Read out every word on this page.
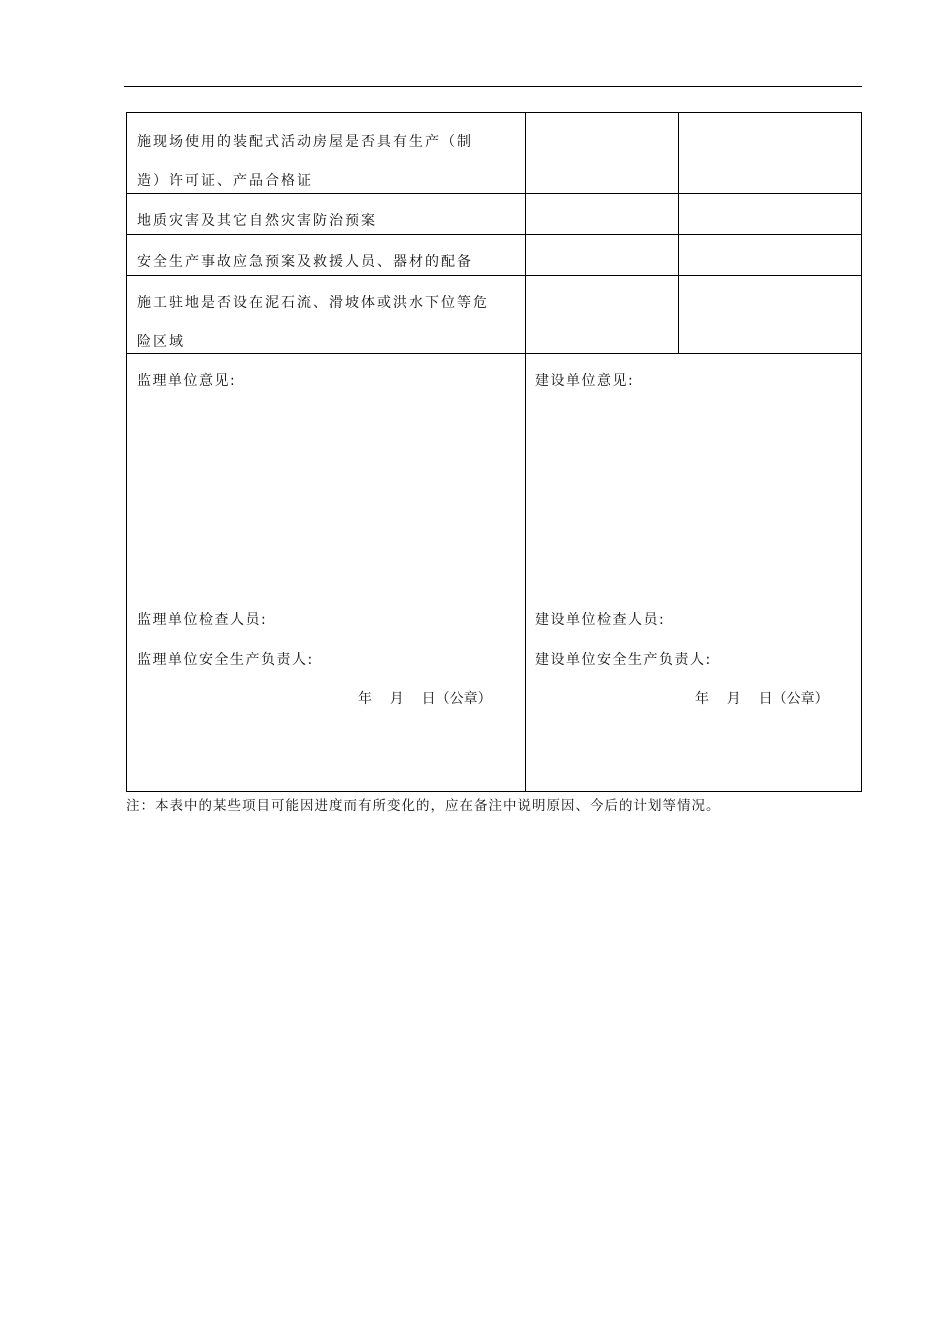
施现场使用的装配式活动房屋是否具有生产（制
造）许可证、产品合格证
地质灾害及其它自然灾害防治预案
安全生产事故应急预案及救援人员、器材的配备
施工驻地是否设在泥石流、滑坡体或洪水下位等危
险区域
监理单位意见:
监理单位检查人员:
监理单位安全生产负责人:
年    月    日（公章）
建设单位意见:
建设单位检查人员:
建设单位安全生产负责人:
年    月    日（公章）
注：本表中的某些项目可能因进度而有所变化的，应在备注中说明原因、今后的计划等情况。
